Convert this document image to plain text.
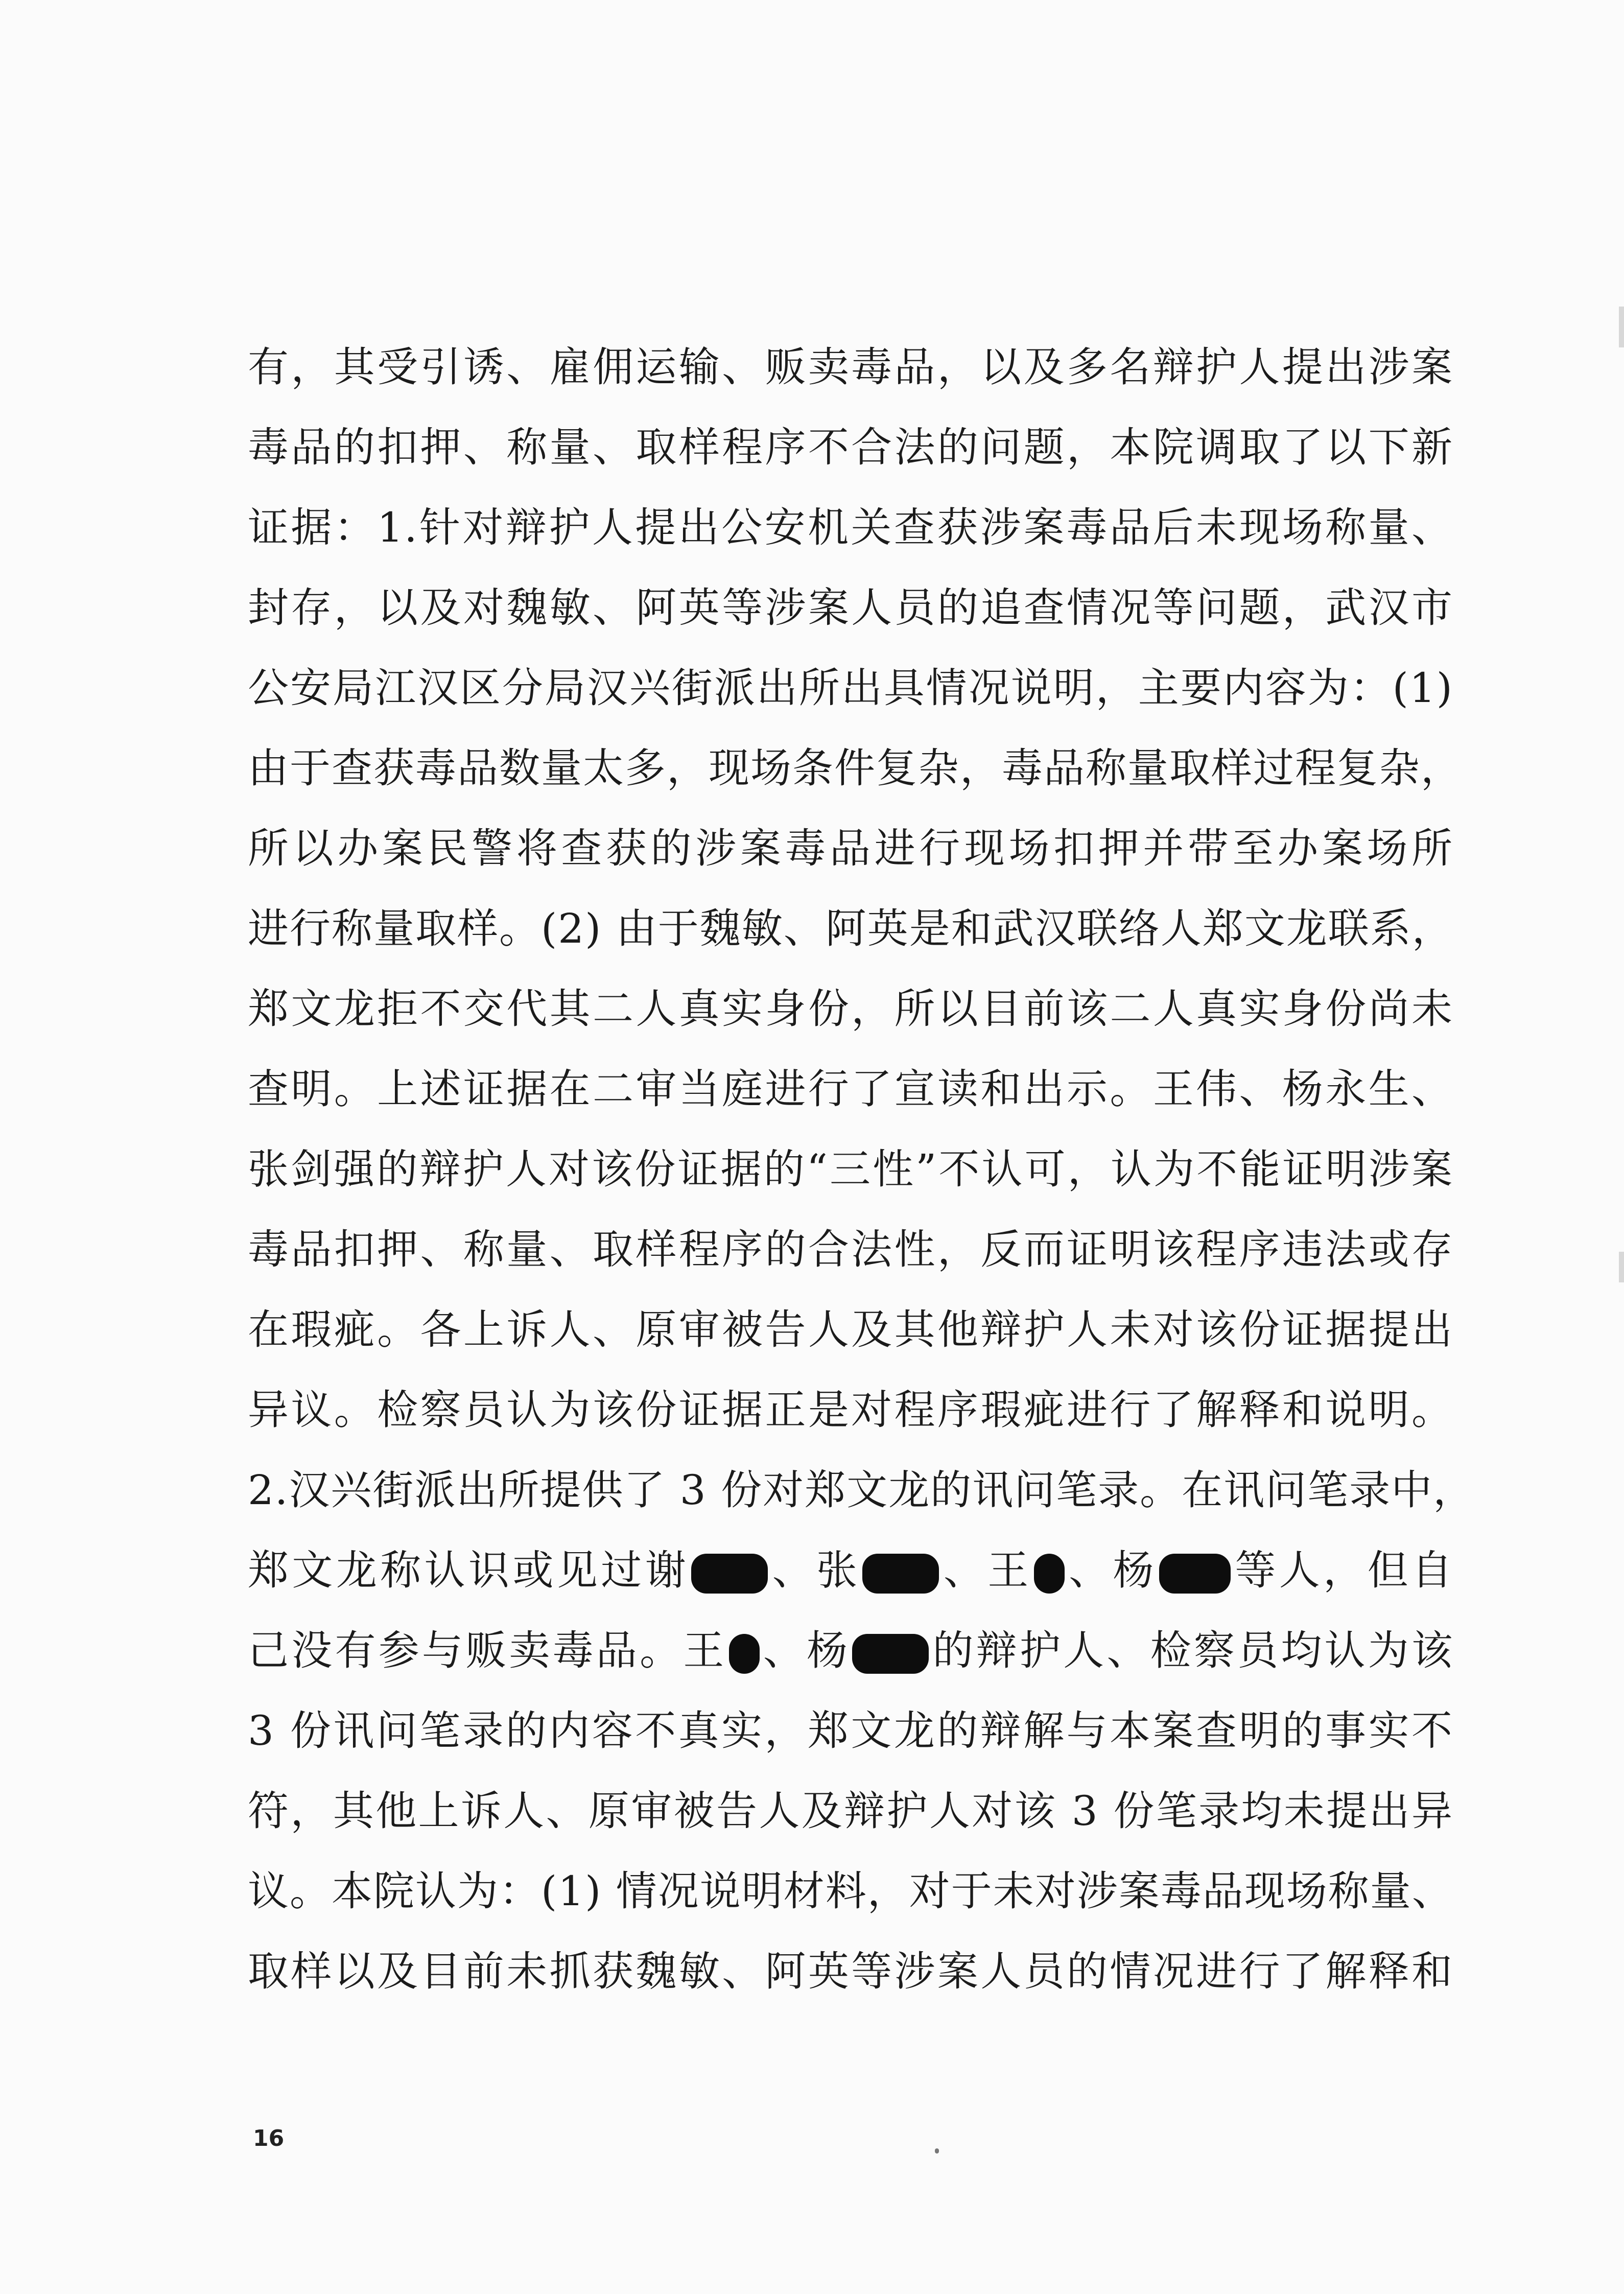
有，其受引诱、雇佣运输、贩卖毒品，以及多名辩护人提出涉案
毒品的扣押、称量、取样程序不合法的问题，本院调取了以下新
证据：1.针对辩护人提出公安机关查获涉案毒品后未现场称量、
封存，以及对魏敏、阿英等涉案人员的追查情况等问题，武汉市
公安局江汉区分局汉兴街派出所出具情况说明，主要内容为：(1)
由于查获毒品数量太多，现场条件复杂，毒品称量取样过程复杂，
所以办案民警将查获的涉案毒品进行现场扣押并带至办案场所
进行称量取样。(2) 由于魏敏、阿英是和武汉联络人郑文龙联系，
郑文龙拒不交代其二人真实身份，所以目前该二人真实身份尚未
查明。上述证据在二审当庭进行了宣读和出示。王伟、杨永生、
张剑强的辩护人对该份证据的“三性”不认可，认为不能证明涉案
毒品扣押、称量、取样程序的合法性，反而证明该程序违法或存
在瑕疵。各上诉人、原审被告人及其他辩护人未对该份证据提出
异议。检察员认为该份证据正是对程序瑕疵进行了解释和说明。
2.汉兴街派出所提供了 3 份对郑文龙的讯问笔录。在讯问笔录中，
郑文龙称认识或见过谢 、张 、王 、杨 等人，但自
己没有参与贩卖毒品。王 、杨 的辩护人、检察员均认为该
3 份讯问笔录的内容不真实，郑文龙的辩解与本案查明的事实不
符，其他上诉人、原审被告人及辩护人对该 3 份笔录均未提出异
议。本院认为：(1) 情况说明材料，对于未对涉案毒品现场称量、
取样以及目前未抓获魏敏、阿英等涉案人员的情况进行了解释和
16
